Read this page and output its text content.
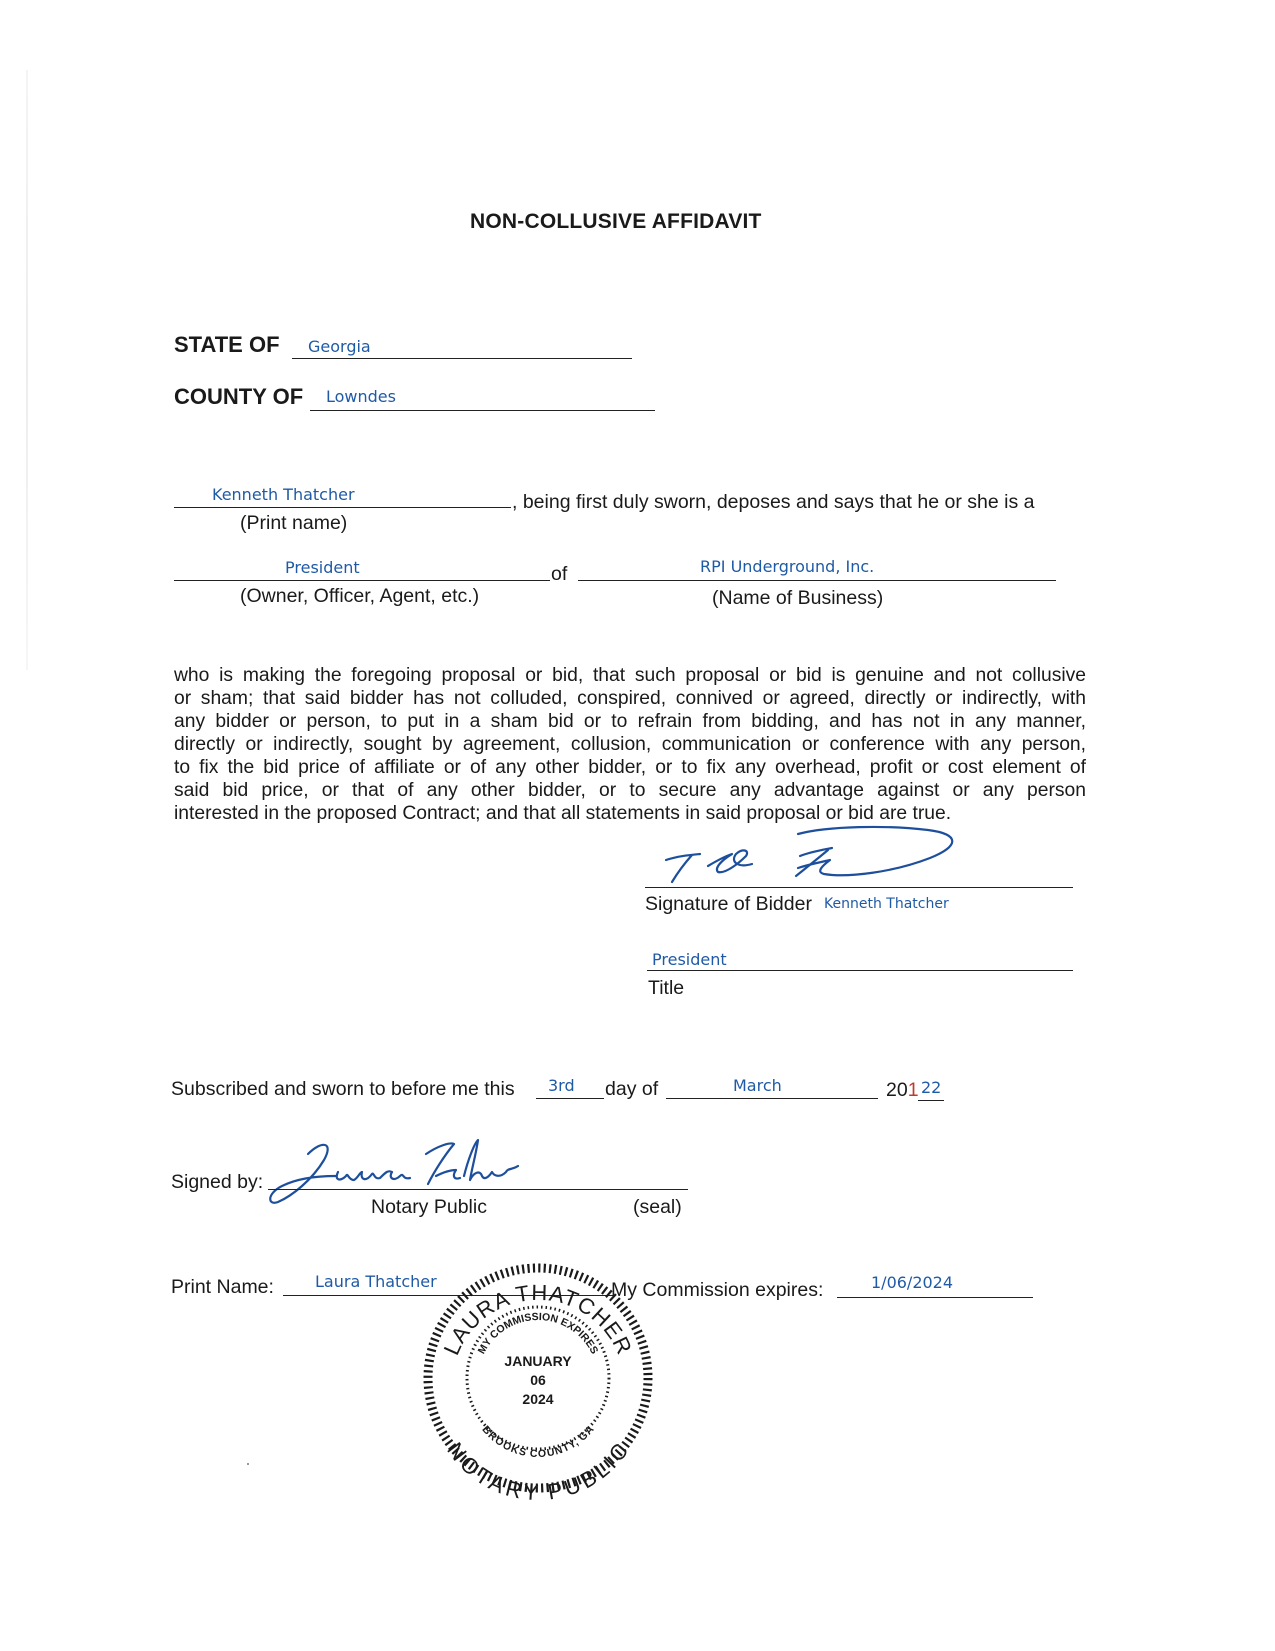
NON-COLLUSIVE AFFIDAVIT
STATE OF Georgia
COUNTY OF Lowndes
Kenneth Thatcher	, being first duly sworn, deposes and says that he or she is a
(Print name)
President	of	RPI Underground, Inc.
(Owner, Officer, Agent, etc.)	(Name of Business)
who is making the foregoing proposal or bid, that such proposal or bid is genuine and not collusive
or sham; that said bidder has not colluded, conspired, connived or agreed, directly or indirectly, with
any bidder or person, to put in a sham bid or to refrain from bidding, and has not in any manner,
directly or indirectly, sought by agreement, collusion, communication or conference with any person,
to fix the bid price of affiliate or of any other bidder, or to fix any overhead, profit or cost element of
said bid price, or that of any other bidder, or to secure any advantage against or any person
interested in the proposed Contract; and that all statements in said proposal or bid are true.
Signature of Bidder Kenneth Thatcher
President
Title
Subscribed and sworn to before me this 3rd day of	March	201 22
Signed by:
Notary Public	(seal)
Print Name:	Laura Thatcher	My Commission expires:	1/06/2024
LAURA THATCHER
NOTARY PUBLIC
MY COMMISSION EXPIRES
BROOKS COUNTY, GA
JANUARY
06
2024
